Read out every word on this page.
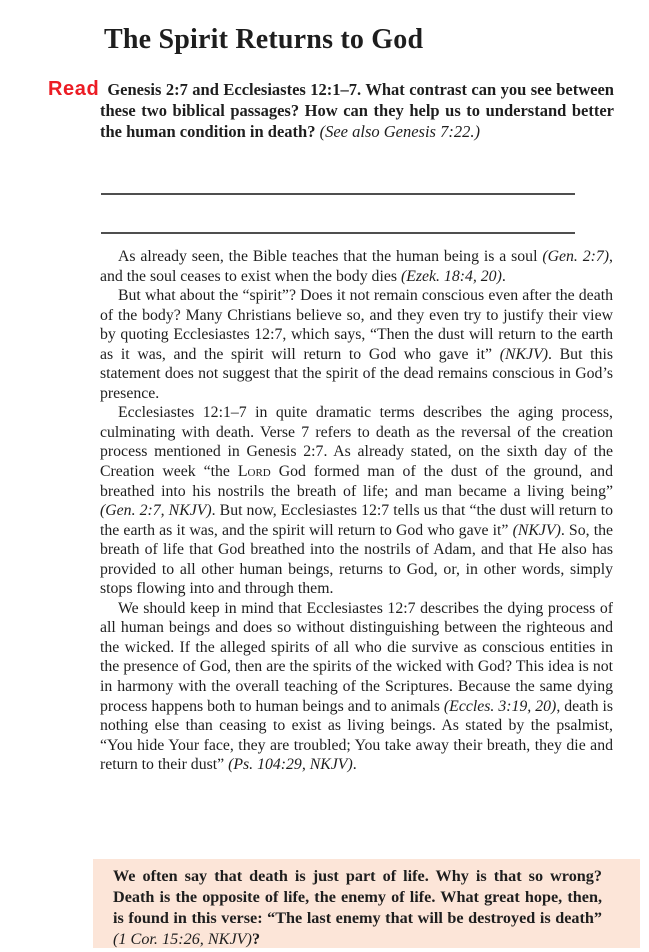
The Spirit Returns to God

Read Genesis 2:7 and Ecclesiastes 12:1–7. What contrast can you see between these two biblical passages? How can they help us to understand better the human condition in death? (See also Genesis 7:22.)

As already seen, the Bible teaches that the human being is a soul (Gen. 2:7), and the soul ceases to exist when the body dies (Ezek. 18:4, 20).

But what about the “spirit”? Does it not remain conscious even after the death of the body? Many Christians believe so, and they even try to justify their view by quoting Ecclesiastes 12:7, which says, “Then the dust will return to the earth as it was, and the spirit will return to God who gave it” (NKJV). But this statement does not suggest that the spirit of the dead remains conscious in God’s presence.

Ecclesiastes 12:1–7 in quite dramatic terms describes the aging process, culminating with death. Verse 7 refers to death as the reversal of the creation process mentioned in Genesis 2:7. As already stated, on the sixth day of the Creation week “the Lord God formed man of the dust of the ground, and breathed into his nostrils the breath of life; and man became a living being” (Gen. 2:7, NKJV). But now, Ecclesiastes 12:7 tells us that “the dust will return to the earth as it was, and the spirit will return to God who gave it” (NKJV). So, the breath of life that God breathed into the nostrils of Adam, and that He also has provided to all other human beings, returns to God, or, in other words, simply stops flowing into and through them.

We should keep in mind that Ecclesiastes 12:7 describes the dying process of all human beings and does so without distinguishing between the righteous and the wicked. If the alleged spirits of all who die survive as conscious entities in the presence of God, then are the spirits of the wicked with God? This idea is not in harmony with the overall teaching of the Scriptures. Because the same dying process happens both to human beings and to animals (Eccles. 3:19, 20), death is nothing else than ceasing to exist as living beings. As stated by the psalmist, “You hide Your face, they are troubled; You take away their breath, they die and return to their dust” (Ps. 104:29, NKJV).

We often say that death is just part of life. Why is that so wrong? Death is the opposite of life, the enemy of life. What great hope, then, is found in this verse: “The last enemy that will be destroyed is death” (1 Cor. 15:26, NKJV)?
